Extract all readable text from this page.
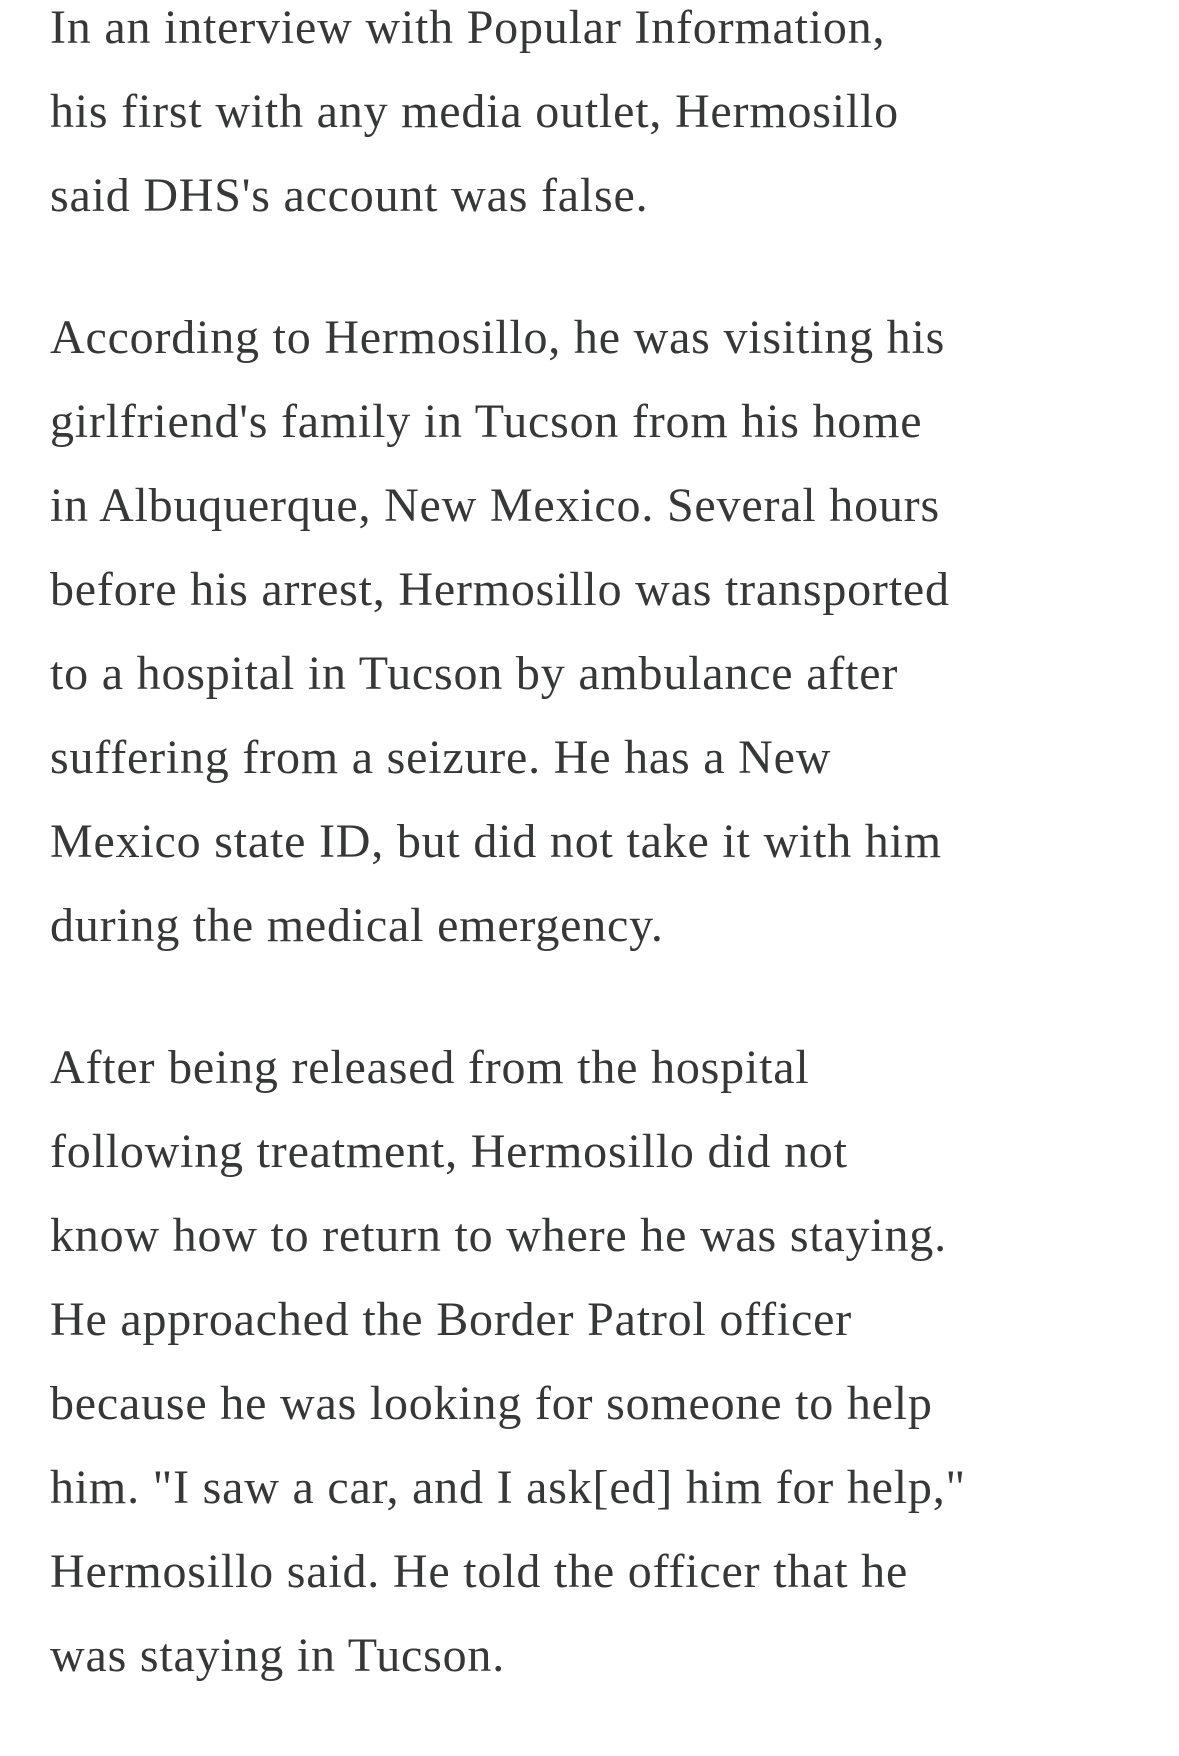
In an interview with Popular Information,
his first with any media outlet, Hermosillo
said DHS's account was false.

According to Hermosillo, he was visiting his
girlfriend's family in Tucson from his home
in Albuquerque, New Mexico. Several hours
before his arrest, Hermosillo was transported
to a hospital in Tucson by ambulance after
suffering from a seizure. He has a New
Mexico state ID, but did not take it with him
during the medical emergency.

After being released from the hospital
following treatment, Hermosillo did not
know how to return to where he was staying.
He approached the Border Patrol officer
because he was looking for someone to help
him. "I saw a car, and I ask[ed] him for help,"
Hermosillo said. He told the officer that he
was staying in Tucson.
